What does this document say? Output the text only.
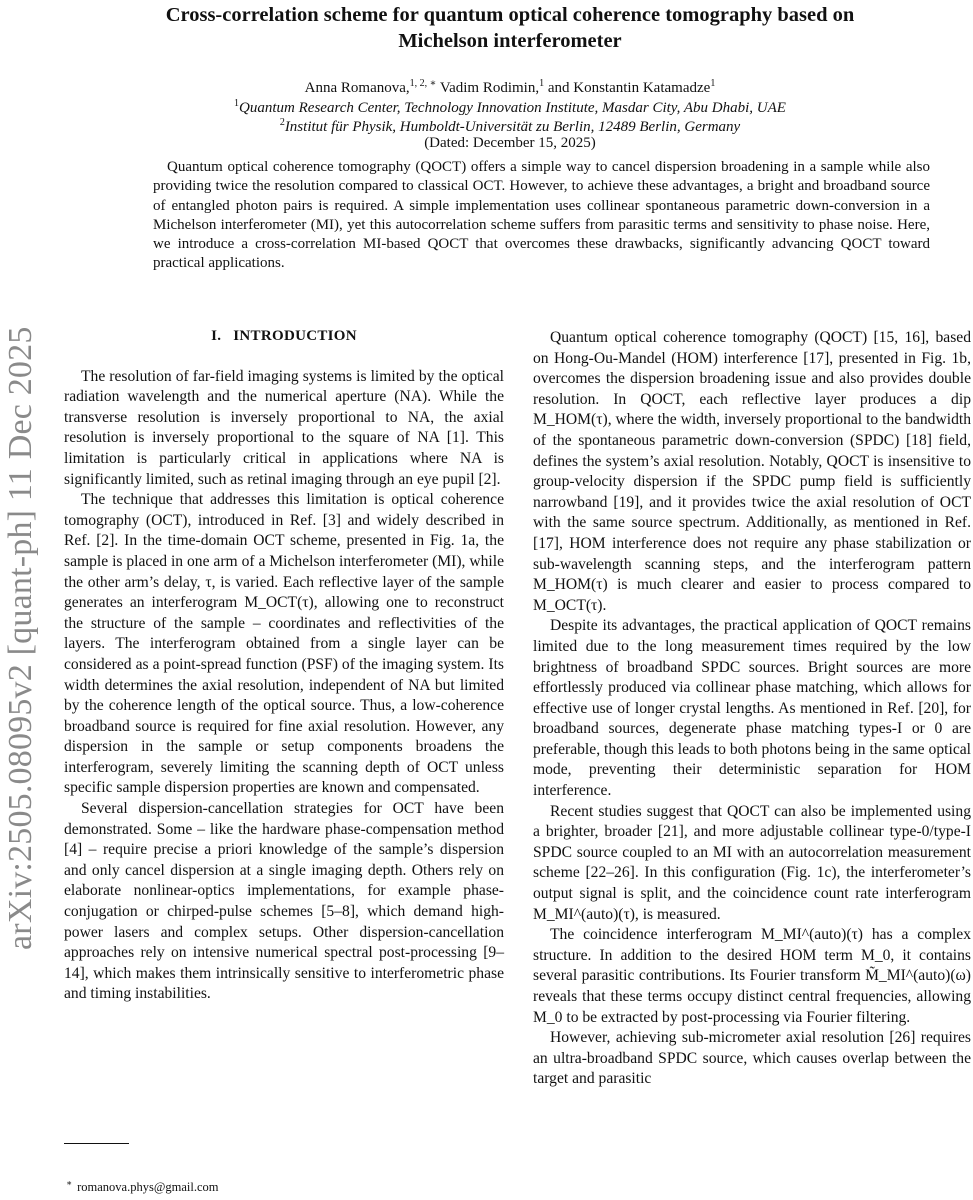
arXiv:2505.08095v2 [quant-ph] 11 Dec 2025
Cross-correlation scheme for quantum optical coherence tomography based on
Michelson interferometer
Anna Romanova,$^{1, 2, ∗}$ Vadim Rodimin,$^1$ and Konstantin Katamadze$^1$
$^1$Quantum Research Center, Technology Innovation Institute, Masdar City, Abu Dhabi, UAE
$^2$Institut für Physik, Humboldt-Universität zu Berlin, 12489 Berlin, Germany
(Dated: December 15, 2025)

Quantum optical coherence tomography (QOCT) offers a simple way to cancel dispersion broadening in a sample while also providing twice the resolution compared to classical OCT. However, to achieve these advantages, a bright and broadband source of entangled photon pairs is required. A simple implementation uses collinear spontaneous parametric down-conversion in a Michelson interferometer (MI), yet this autocorrelation scheme suffers from parasitic terms and sensitivity to phase noise. Here, we introduce a cross-correlation MI-based QOCT that overcomes these drawbacks, significantly advancing QOCT toward practical applications.

I. INTRODUCTION

The resolution of far-field imaging systems is limited by the optical radiation wavelength and the numerical aperture (NA). While the transverse resolution is inversely proportional to NA, the axial resolution is inversely proportional to the square of NA [1]. This limitation is particularly critical in applications where NA is significantly limited, such as retinal imaging through an eye pupil [2].

The technique that addresses this limitation is optical coherence tomography (OCT), introduced in Ref. [3] and widely described in Ref. [2]. In the time-domain OCT scheme, presented in Fig. 1a, the sample is placed in one arm of a Michelson interferometer (MI), while the other arm’s delay, τ, is varied. Each reflective layer of the sample generates an interferogram M_OCT(τ), allowing one to reconstruct the structure of the sample – coordinates and reflectivities of the layers. The interferogram obtained from a single layer can be considered as a point-spread function (PSF) of the imaging system. Its width determines the axial resolution, independent of NA but limited by the coherence length of the optical source. Thus, a low-coherence broadband source is required for fine axial resolution. However, any dispersion in the sample or setup components broadens the interferogram, severely limiting the scanning depth of OCT unless specific sample dispersion properties are known and compensated.

Several dispersion-cancellation strategies for OCT have been demonstrated. Some – like the hardware phase-compensation method [4] – require precise a priori knowledge of the sample’s dispersion and only cancel dispersion at a single imaging depth. Others rely on elaborate nonlinear-optics implementations, for example phase-conjugation or chirped-pulse schemes [5–8], which demand high-power lasers and complex setups. Other dispersion-cancellation approaches rely on intensive numerical spectral post-processing [9–14], which makes them intrinsically sensitive to interferometric phase and timing instabilities.

Quantum optical coherence tomography (QOCT) [15, 16], based on Hong-Ou-Mandel (HOM) interference [17], presented in Fig. 1b, overcomes the dispersion broadening issue and also provides double resolution. In QOCT, each reflective layer produces a dip M_HOM(τ), where the width, inversely proportional to the bandwidth of the spontaneous parametric down-conversion (SPDC) [18] field, defines the system’s axial resolution. Notably, QOCT is insensitive to group-velocity dispersion if the SPDC pump field is sufficiently narrowband [19], and it provides twice the axial resolution of OCT with the same source spectrum. Additionally, as mentioned in Ref. [17], HOM interference does not require any phase stabilization or sub-wavelength scanning steps, and the interferogram pattern M_HOM(τ) is much clearer and easier to process compared to M_OCT(τ).

Despite its advantages, the practical application of QOCT remains limited due to the long measurement times required by the low brightness of broadband SPDC sources. Bright sources are more effortlessly produced via collinear phase matching, which allows for effective use of longer crystal lengths. As mentioned in Ref. [20], for broadband sources, degenerate phase matching types-I or 0 are preferable, though this leads to both photons being in the same optical mode, preventing their deterministic separation for HOM interference.

Recent studies suggest that QOCT can also be implemented using a brighter, broader [21], and more adjustable collinear type-0/type-I SPDC source coupled to an MI with an autocorrelation measurement scheme [22–26]. In this configuration (Fig. 1c), the interferometer’s output signal is split, and the coincidence count rate interferogram M_MI^(auto)(τ), is measured.

The coincidence interferogram M_MI^(auto)(τ) has a complex structure. In addition to the desired HOM term M_0, it contains several parasitic contributions. Its Fourier transform M̃_MI^(auto)(ω) reveals that these terms occupy distinct central frequencies, allowing M_0 to be extracted by post-processing via Fourier filtering.

However, achieving sub-micrometer axial resolution [26] requires an ultra-broadband SPDC source, which causes overlap between the target and parasitic

∗ romanova.phys@gmail.com
